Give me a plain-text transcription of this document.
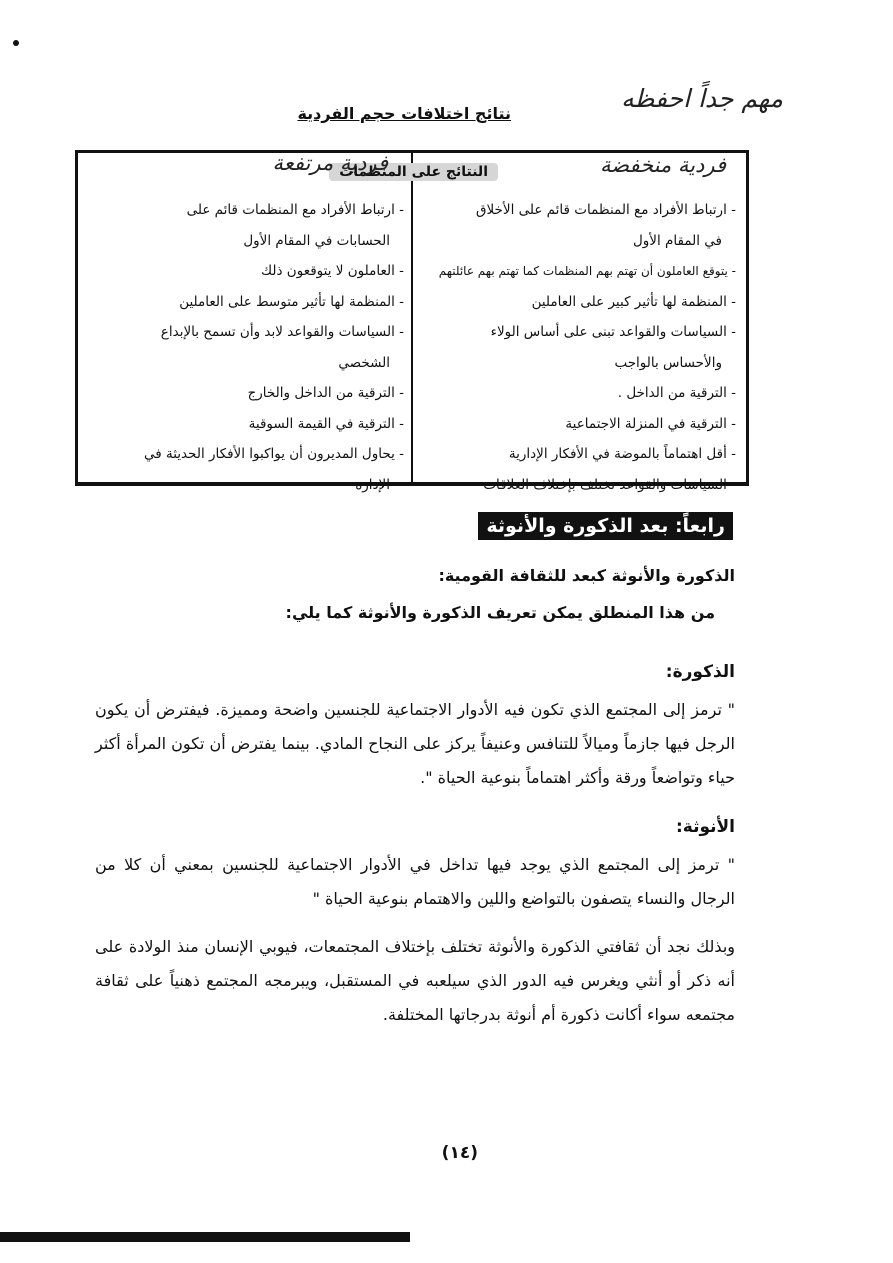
مهم جداً احفظه
نتائج اختلافات حجم الفردية
فردية منخفضة
النتائج على المنظمات
فردية مرتفعة

- ارتباط الأفراد مع المنظمات قائم على الأخلاق

في المقام الأول

- يتوقع العاملون أن تهتم بهم المنظمات كما تهتم بهم عائلتهم

- المنظمة لها تأثير كبير على العاملين

- السياسات والقواعد تبنى على أساس الولاء

والأحساس بالواجب

- الترقية من الداخل .

- الترقية في المنزلة الاجتماعية

- أقل اهتماماً بالموضة في الأفكار الإدارية

- السياسات والقواعد تختلف بإختلاف العلاقات

- ارتباط الأفراد مع المنظمات قائم على

الحسابات في المقام الأول

- العاملون لا يتوقعون ذلك

- المنظمة لها تأثير متوسط على العاملين

- السياسات والقواعد لابد وأن تسمح بالإبداع

الشخصي

- الترقية من الداخل والخارج

- الترقية في القيمة السوقية

- يحاول المديرون أن يواكبوا الأفكار الحديثة في

الإدارة

رابعاً: بعد الذكورة والأنوثة
الذكورة والأنوثة كبعد للثقافة القومية:
من هذا المنطلق يمكن تعريف الذكورة والأنوثة كما يلي:
الذكورة:
" ترمز إلى المجتمع الذي تكون فيه الأدوار الاجتماعية للجنسين واضحة ومميزة. فيفترض أن يكون الرجل فيها جازماً وميالاً للتنافس وعنيفاً يركز على النجاح المادي. بينما يفترض أن تكون المرأة أكثر حياء وتواضعاً ورقة وأكثر اهتماماً بنوعية الحياة ".
الأنوثة:
" ترمز إلى المجتمع الذي يوجد فيها تداخل في الأدوار الاجتماعية للجنسين بمعني أن كلا من الرجال والنساء يتصفون بالتواضع واللين والاهتمام بنوعية الحياة "
وبذلك نجد أن ثقافتي الذكورة والأنوثة تختلف بإختلاف المجتمعات، فيوبي الإنسان منذ الولادة على أنه ذكر أو أنثي ويغرس فيه الدور الذي سيلعبه في المستقبل، ويبرمجه المجتمع ذهنياً على ثقافة مجتمعه سواء أكانت ذكورة أم أنوثة بدرجاتها المختلفة.
(١٤)
